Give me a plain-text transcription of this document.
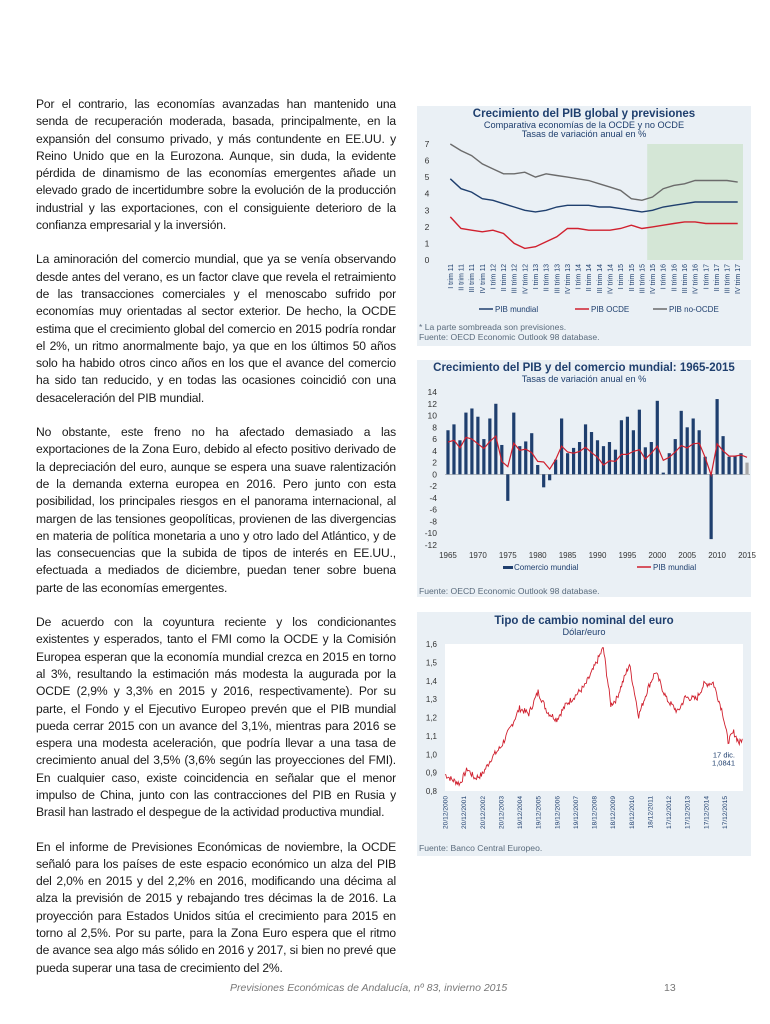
Por el contrario, las economías avanzadas han mantenido una senda de recuperación moderada, basada, principalmente, en la expansión del consumo privado, y más contundente en EE.UU. y Reino Unido que en la Eurozona. Aunque, sin duda, la evidente pérdida de dinamismo de las economías emergentes añade un elevado grado de incertidumbre sobre la evolución de la producción industrial y las exportaciones, con el consiguiente deterioro de la confianza empresarial y la inversión.

La aminoración del comercio mundial, que ya se venía observando desde antes del verano, es un factor clave que revela el retraimiento de las transacciones comerciales y el menoscabo sufrido por economías muy orientadas al sector exterior. De hecho, la OCDE estima que el crecimiento global del comercio en 2015 podría rondar el 2%, un ritmo anormalmente bajo, ya que en los últimos 50 años solo ha habido otros cinco años en los que el avance del comercio ha sido tan reducido, y en todas las ocasiones coincidió con una desaceleración del PIB mundial.

No obstante, este freno no ha afectado demasiado a las exportaciones de la Zona Euro, debido al efecto positivo derivado de la depreciación del euro, aunque se espera una suave ralentización de la demanda externa europea en 2016. Pero junto con esta posibilidad, los principales riesgos en el panorama internacional, al margen de las tensiones geopolíticas, provienen de las divergencias en materia de política monetaria a uno y otro lado del Atlántico, y de las consecuencias que la subida de tipos de interés en EE.UU., efectuada a mediados de diciembre, puedan tener sobre buena parte de las economías emergentes.

De acuerdo con la coyuntura reciente y los condicionantes existentes y esperados, tanto el FMI como la OCDE y la Comisión Europea esperan que la economía mundial crezca en 2015 en torno al 3%, resultando la estimación más modesta la augurada por la OCDE (2,9% y 3,3% en 2015 y 2016, respectivamente). Por su parte, el Fondo y el Ejecutivo Europeo prevén que el PIB mundial pueda cerrar 2015 con un avance del 3,1%, mientras para 2016 se espera una modesta aceleración, que podría llevar a una tasa de crecimiento anual del 3,5% (3,6% según las proyecciones del FMI). En cualquier caso, existe coincidencia en señalar que el menor impulso de China, junto con las contracciones del PIB en Rusia y Brasil han lastrado el despegue de la actividad productiva mundial.

En el informe de Previsiones Económicas de noviembre, la OCDE señaló para los países de este espacio económico un alza del PIB del 2,0% en 2015 y del 2,2% en 2016, modificando una décima al alza la previsión de 2015 y rebajando tres décimas la de 2016. La proyección para Estados Unidos sitúa el crecimiento para 2015 en torno al 2,5%. Por su parte, para la Zona Euro espera que el ritmo de avance sea algo más sólido en 2016 y 2017, si bien no prevé que pueda superar una tasa de crecimiento del 2%.

Crecimiento del PIB global y previsiones
Comparativa economías de la OCDE y no OCDE
Tasas de variación anual en %
0
1
2
3
4
5
6
7
I trim 11 II trim 11 III trim 11 IV trim 11 I trim 12 II trim 12 III trim 12 IV trim 12 I trim 13 II trim 13 III trim 13 IV trim 13 I trim 14 II trim 14 III trim 14 IV trim 14 I trim 15 II trim 15 III trim 15 IV trim 15 I trim 16 II trim 16 III trim 16 IV trim 16 I trim 17 II trim 17 III trim 17 IV trim 17
PIB mundial	PIB OCDE	PIB no-OCDE
* La parte sombreada son previsiones.
Fuente: OECD Economic Outlook 98 database.
Crecimiento del PIB y del comercio mundial: 1965-2015
Tasas de variación anual en %
14
12
10
8
6
4
2
0
-2
-4
-6
-8
-10
-12
1965 1970 1975 1980 1985 1990 1995 2000 2005 2010 2015
Comercio mundial	PIB mundial
Fuente: OECD Economic Outlook 98 database.
Tipo de cambio nominal del euro
Dólar/euro
1,6
1,5
1,4
1,3
1,2
1,1
1,0
0,9
0,8
20/12/2000 20/12/2001 20/12/2002 20/12/2003 19/12/2004 19/12/2005 19/12/2006 19/12/2007 18/12/2008 18/12/2009 18/12/2010 18/12/2011 17/12/2012 17/12/2013 17/12/2014 17/12/2015
17 dic.
1,0841
Fuente: Banco Central Europeo.
Previsiones Económicas de Andalucía, nº 83, invierno 2015	13
